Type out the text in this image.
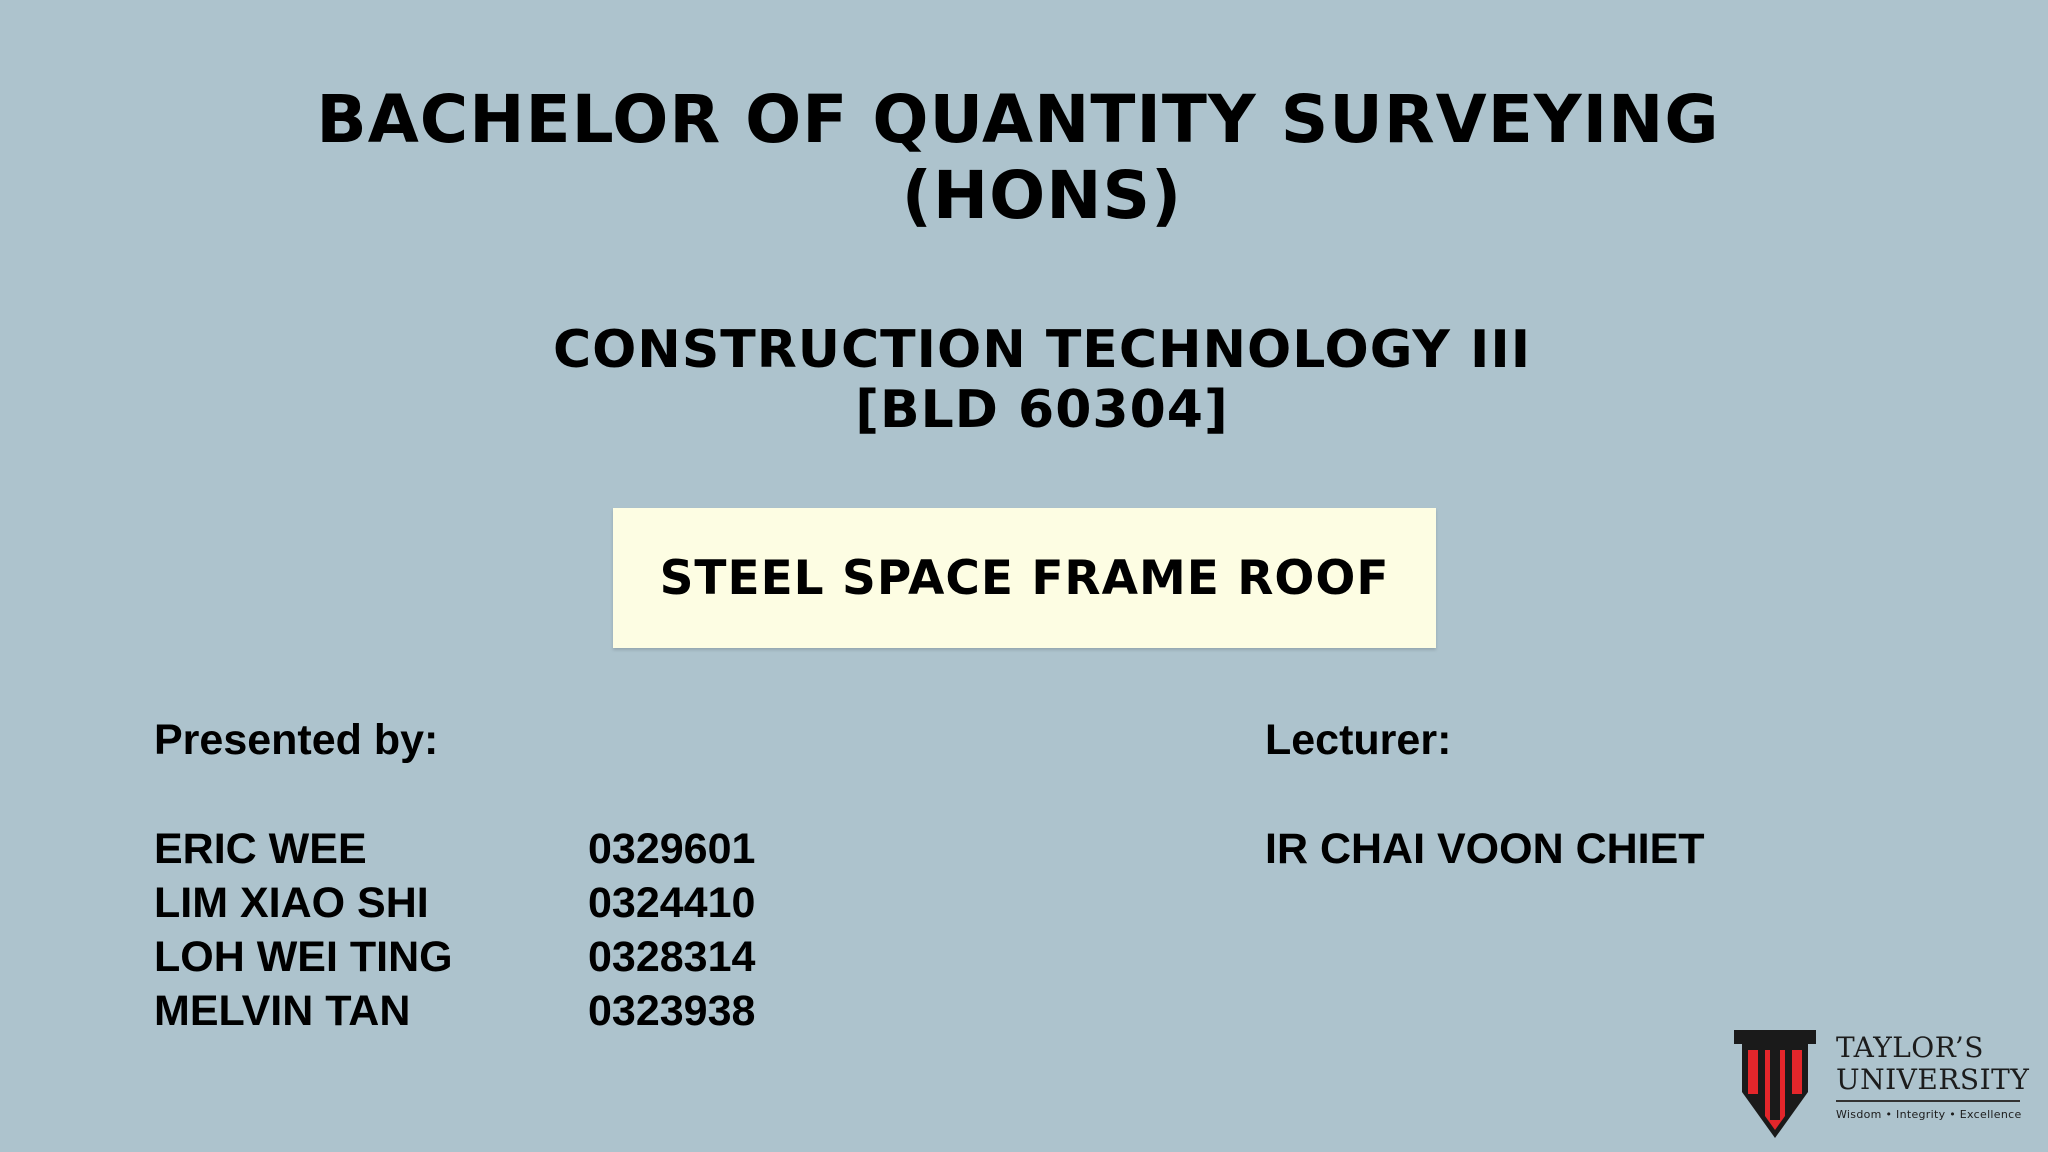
BACHELOR OF QUANTITY SURVEYING
(HONS)
CONSTRUCTION TECHNOLOGY III
[BLD 60304]
STEEL SPACE FRAME ROOF
Presented by:	Lecturer:
ERIC WEE	0329601
LIM XIAO SHI	0324410
LOH WEI TING	0328314
MELVIN TAN	0323938
IR CHAI VOON CHIET
TAYLOR’S
UNIVERSITY
Wisdom • Integrity • Excellence
